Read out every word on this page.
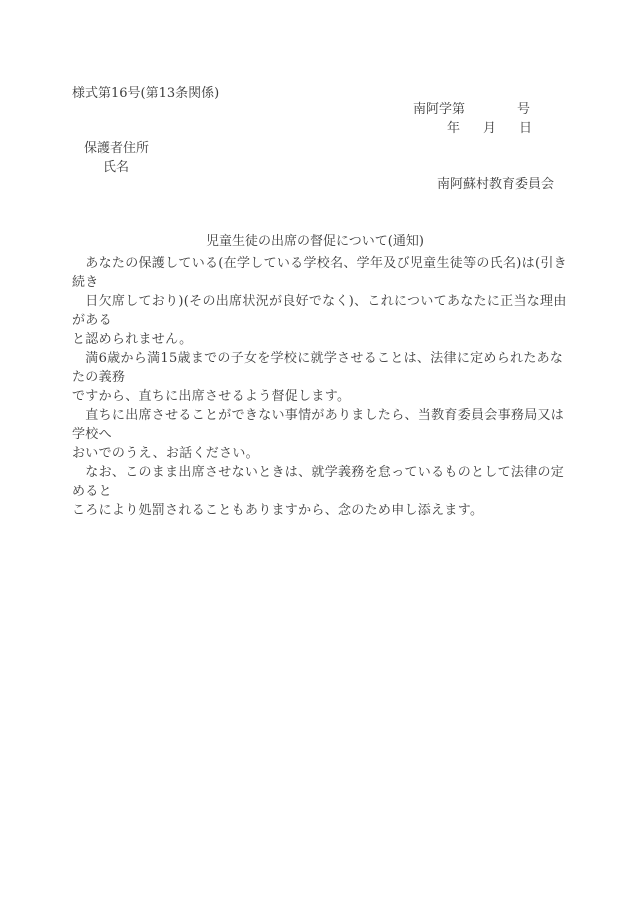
様式第16号(第13条関係)
南阿学第	号
年 月 日
保護者住所
氏名
南阿蘇村教育委員会
児童生徒の出席の督促について(通知)
　あなたの保護している(在学している学校名、学年及び児童生徒等の氏名)は(引き続き
　日欠席しており)(その出席状況が良好でなく)、これについてあなたに正当な理由がある
と認められません。
　満6歳から満15歳までの子女を学校に就学させることは、法律に定められたあなたの義務
ですから、直ちに出席させるよう督促します。
　直ちに出席させることができない事情がありましたら、当教育委員会事務局又は学校へ
おいでのうえ、お話ください。
　なお、このまま出席させないときは、就学義務を怠っているものとして法律の定めると
ころにより処罰されることもありますから、念のため申し添えます。
